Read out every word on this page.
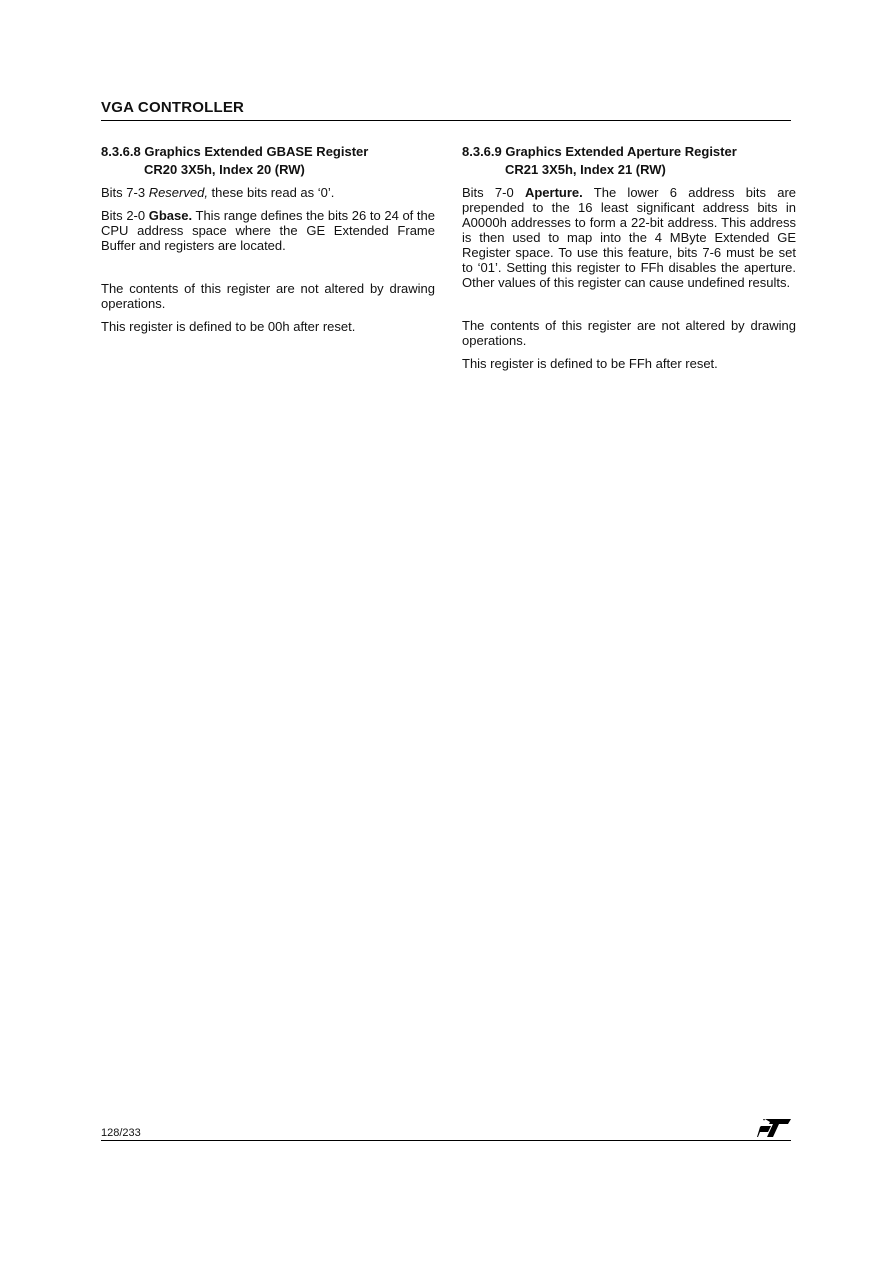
VGA CONTROLLER
8.3.6.8 Graphics Extended GBASE Register
CR20 3X5h, Index 20 (RW)

Bits 7-3 Reserved, these bits read as ‘0’.

Bits 2-0 Gbase. This range defines the bits 26 to 24 of the CPU address space where the GE Extended Frame Buffer and registers are located.

The contents of this register are not altered by drawing operations.

This register is defined to be 00h after reset.

8.3.6.9 Graphics Extended Aperture Register
CR21 3X5h, Index 21 (RW)

Bits 7-0 Aperture. The lower 6 address bits are prepended to the 16 least significant address bits in A0000h addresses to form a 22-bit address. This address is then used to map into the 4 MByte Extended GE Register space. To use this feature, bits 7-6 must be set to ‘01’. Setting this register to FFh disables the aperture. Other values of this register can cause undefined results.

The contents of this register are not altered by drawing operations.

This register is defined to be FFh after reset.

128/233
